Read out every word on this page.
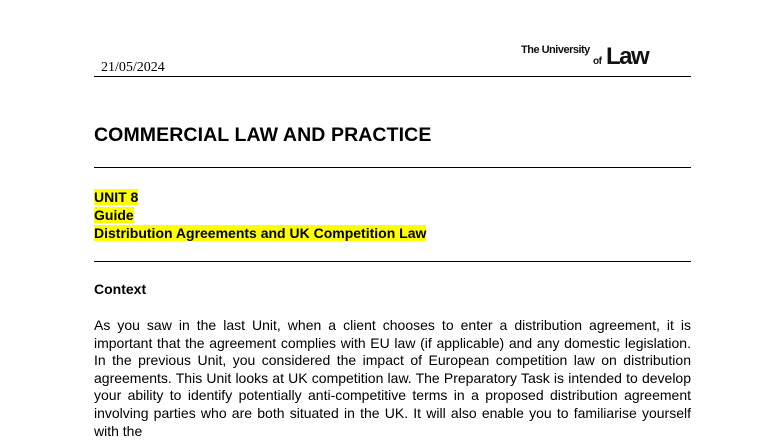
21/05/2024
The University
of Law
COMMERCIAL LAW AND PRACTICE
UNIT 8
Guide
Distribution Agreements and UK Competition Law
Context

As you saw in the last Unit, when a client chooses to enter a distribution agreement, it is important that the agreement complies with EU law (if applicable) and any domestic legislation. In the previous Unit, you considered the impact of European competition law on distribution agreements. This Unit looks at UK competition law. The Preparatory Task is intended to develop your ability to identify potentially anti-competitive terms in a proposed distribution agreement involving parties who are both situated in the UK. It will also enable you to familiarise yourself with the
